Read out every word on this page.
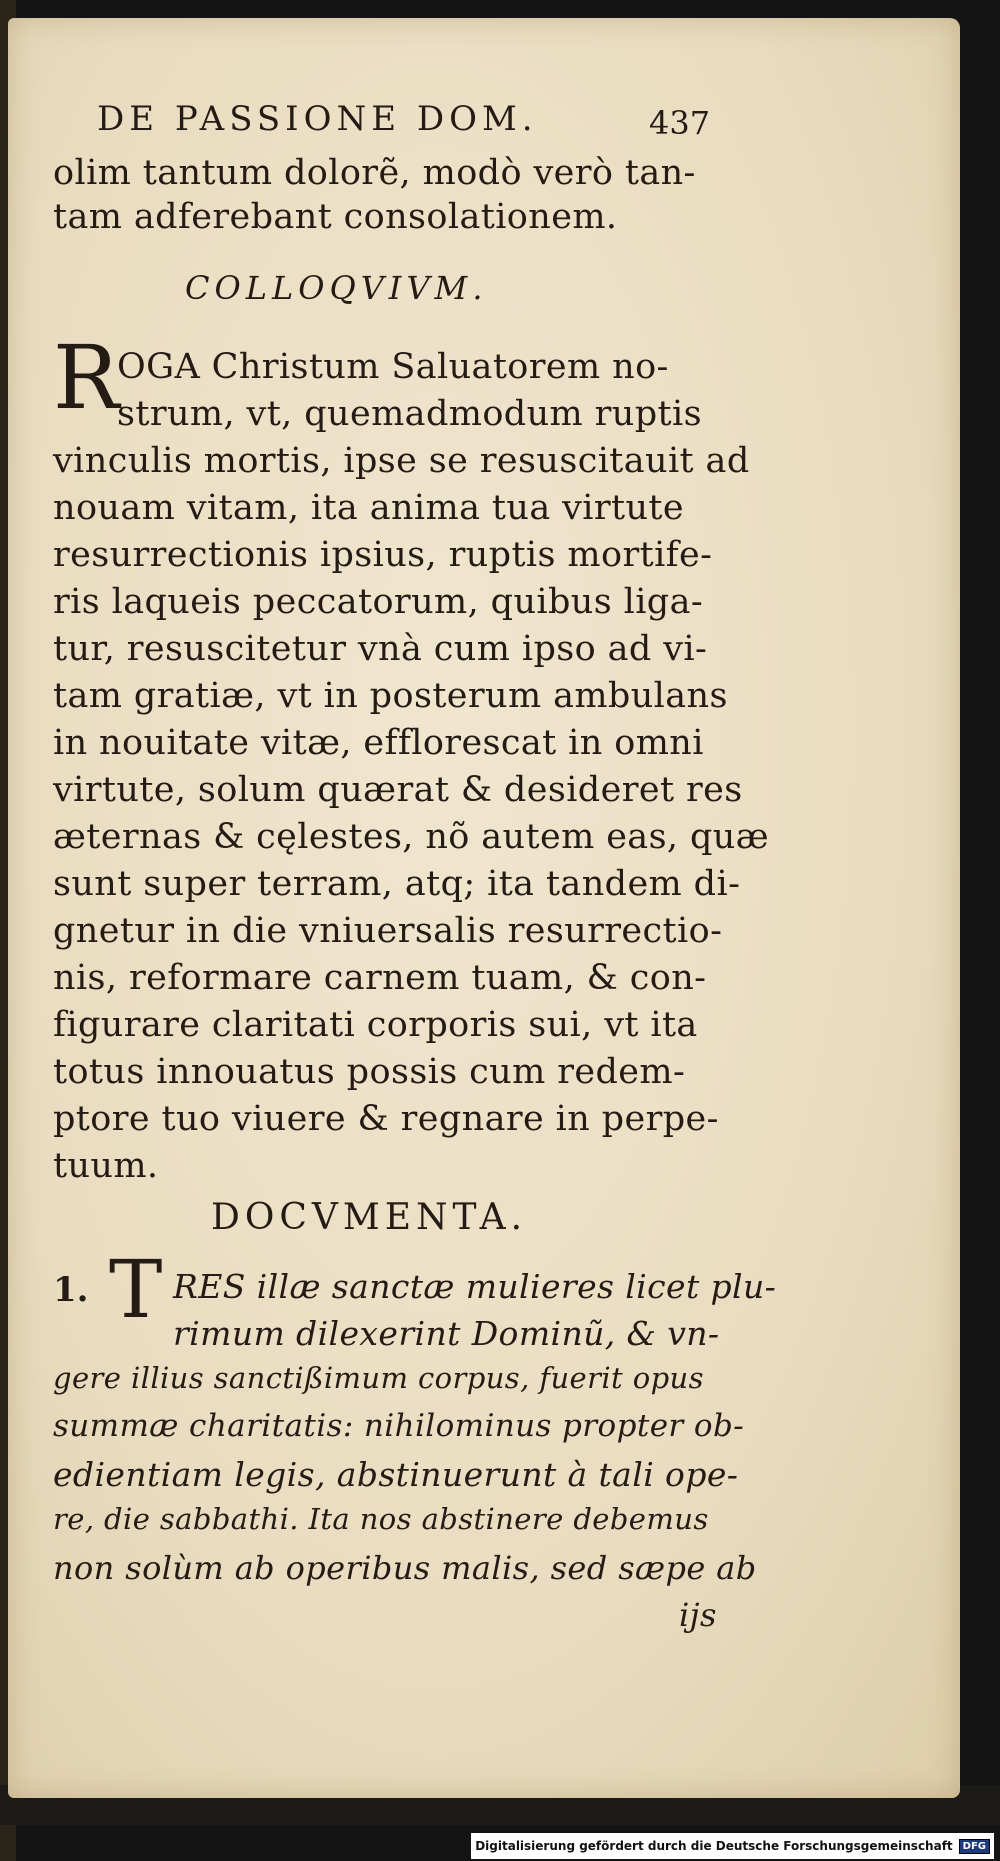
DE PASSIONE DOM.	437
olim tantum dolorẽ, modò verò tan-
tam adferebant consolationem.
COLLOQVIVM.
R
OGA Christum Saluatorem no-
strum, vt, quemadmodum ruptis
vinculis mortis, ipse se resuscitauit ad
nouam vitam, ita anima tua virtute
resurrectionis ipsius, ruptis mortife-
ris laqueis peccatorum, quibus liga-
tur, resuscitetur vnà cum ipso ad vi-
tam gratiæ, vt in posterum ambulans
in nouitate vitæ, efflorescat in omni
virtute, solum quærat & desideret res
æternas & cęlestes, nõ autem eas, quæ
sunt super terram, atq; ita tandem di-
gnetur in die vniuersalis resurrectio-
nis, reformare carnem tuam, & con-
figurare claritati corporis sui, vt ita
totus innouatus possis cum redem-
ptore tuo viuere & regnare in perpe-
tuum.
DOCVMENTA.
1. T RES illæ sanctæ mulieres licet plu-
rimum dilexerint Dominũ, & vn-
gere illius sanctißimum corpus, fuerit opus
summæ charitatis: nihilominus propter ob-
edientiam legis, abstinuerunt à tali ope-
re, die sabbathi. Ita nos abstinere debemus
non solùm ab operibus malis, sed sæpe ab
ijs
Digitalisierung gefördert durch die Deutsche Forschungsgemeinschaft	DFG
